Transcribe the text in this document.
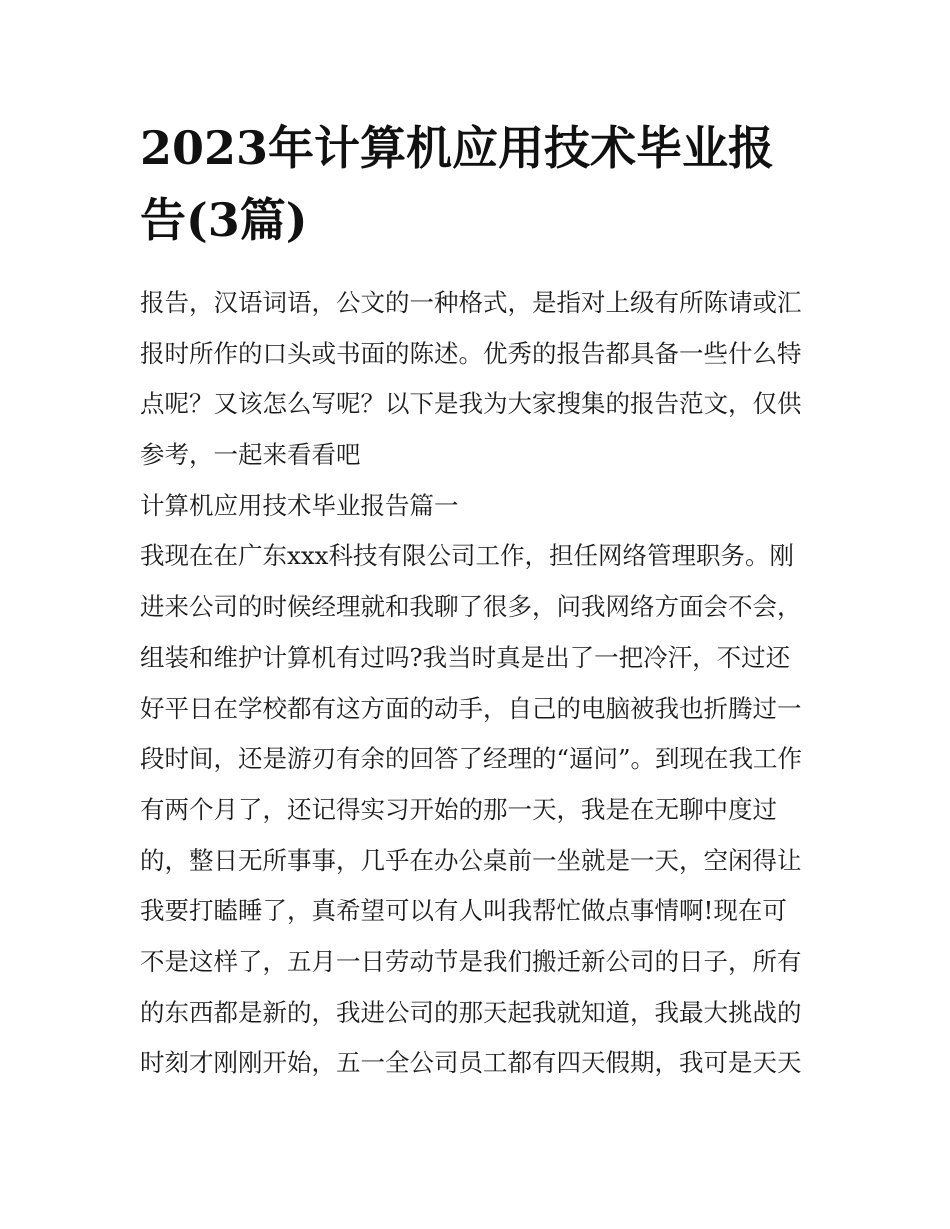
2023年计算机应用技术毕业报
告(3篇)
报告，汉语词语，公文的一种格式，是指对上级有所陈请或汇
报时所作的口头或书面的陈述。优秀的报告都具备一些什么特
点呢？又该怎么写呢？以下是我为大家搜集的报告范文，仅供
参考，一起来看看吧
计算机应用技术毕业报告篇一
我现在在广东xxx科技有限公司工作，担任网络管理职务。刚
进来公司的时候经理就和我聊了很多，问我网络方面会不会，
组装和维护计算机有过吗?我当时真是出了一把冷汗，不过还
好平日在学校都有这方面的动手，自己的电脑被我也折腾过一
段时间，还是游刃有余的回答了经理的“逼问”。到现在我工作
有两个月了，还记得实习开始的那一天，我是在无聊中度过
的，整日无所事事，几乎在办公桌前一坐就是一天，空闲得让
我要打瞌睡了，真希望可以有人叫我帮忙做点事情啊!现在可
不是这样了，五月一日劳动节是我们搬迁新公司的日子，所有
的东西都是新的，我进公司的那天起我就知道，我最大挑战的
时刻才刚刚开始，五一全公司员工都有四天假期，我可是天天
